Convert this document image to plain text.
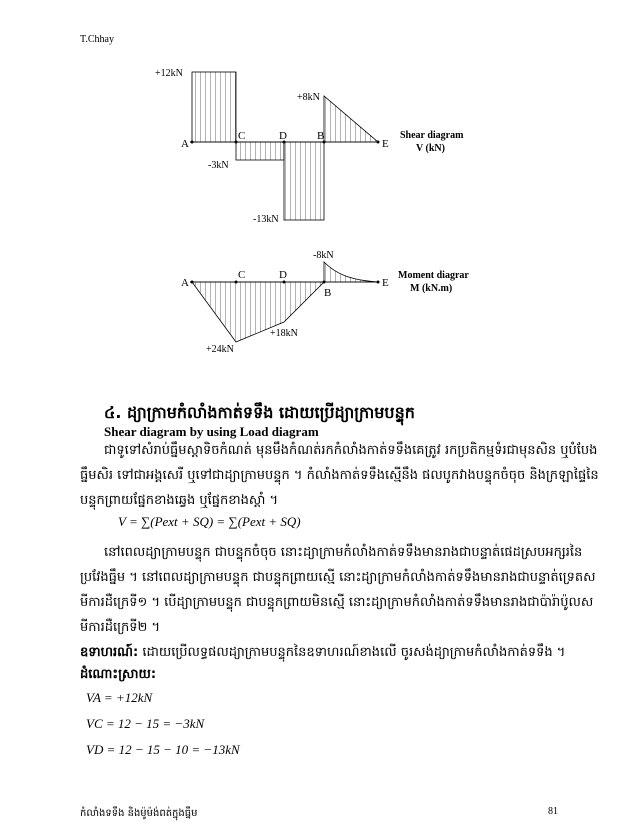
T.Chhay
A
C	D	B
E
+12kN
+8kN
-3kN
-13kN
Shear diagram
V (kN)
A
C	D
B
E
-8kN
+18kN
+24kN
Moment diagrar
M (kN.m)
៤. ដ្យាក្រាមកំលាំងកាត់ទទឹង ដោយប្រើដ្យាក្រាមបន្ទុក
Shear diagram by using Load diagram
ជាទូទៅសំរាប់ធ្នឹមស្តាទិចកំណត់ មុនមឹងកំណត់រកកំលាំងកាត់ទទឹងគេត្រូវ រកប្រតិកម្មទំរជាមុនសិន ឬបំបែងធ្នឹមសិរ ទៅជាអង្គសេរី ឬទៅជាដ្យាក្រាមបន្ទុក ។ កំលាំងកាត់ទទឹងស្មើនឹង ផលបូកវាងបន្ទុកចំចុច និងក្រឡាផ្ទៃនៃបន្ទុកព្រាយផ្នែកខាងឆ្វេង ឬផ្នែកខាងស្តាំ ។
V = ∑(Pext + SQ) = ∑(Pext + SQ)
នៅពេលដ្យាក្រាមបន្ទុក ជាបន្ទុកចំចុច នោះដ្យាក្រាមកំលាំងកាត់ទទឹងមានរាងជាបន្ទាត់ផេដស្របអក្សរនៃប្រវែងធ្នឹម ។ នៅពេលដ្យាក្រាមបន្ទុក ជាបន្ទុកព្រាយស្មើ នោះដ្យាក្រាមកំលាំងកាត់ទទឹងមានរាងជាបន្ទាត់ទ្រេតសមីការដឺក្រេទី១ ។ បើដ្យាក្រាមបន្ទុក ជាបន្ទុកព្រាយមិនស្មើ នោះដ្យាក្រាមកំលាំងកាត់ទទឹងមានរាងជាប៉ារ៉ាប៉ូលសមីការដឺក្រេទី២ ។
ឧទាហរណ៍: ដោយប្រើលទ្ធផលដ្យាក្រាមបន្ទុកនៃឧទាហរណ៍ខាងលើ ចូរសង់ដ្យាក្រាមកំលាំងកាត់ទទឹង ។
ដំណោះស្រាយ:
VA = +12kN
VC = 12 − 15 = −3kN
VD = 12 − 15 − 10 = −13kN
កំលាំងទទឹង និងម៉ូម៉ង់ពត់ក្នុងធ្នឹម	81
